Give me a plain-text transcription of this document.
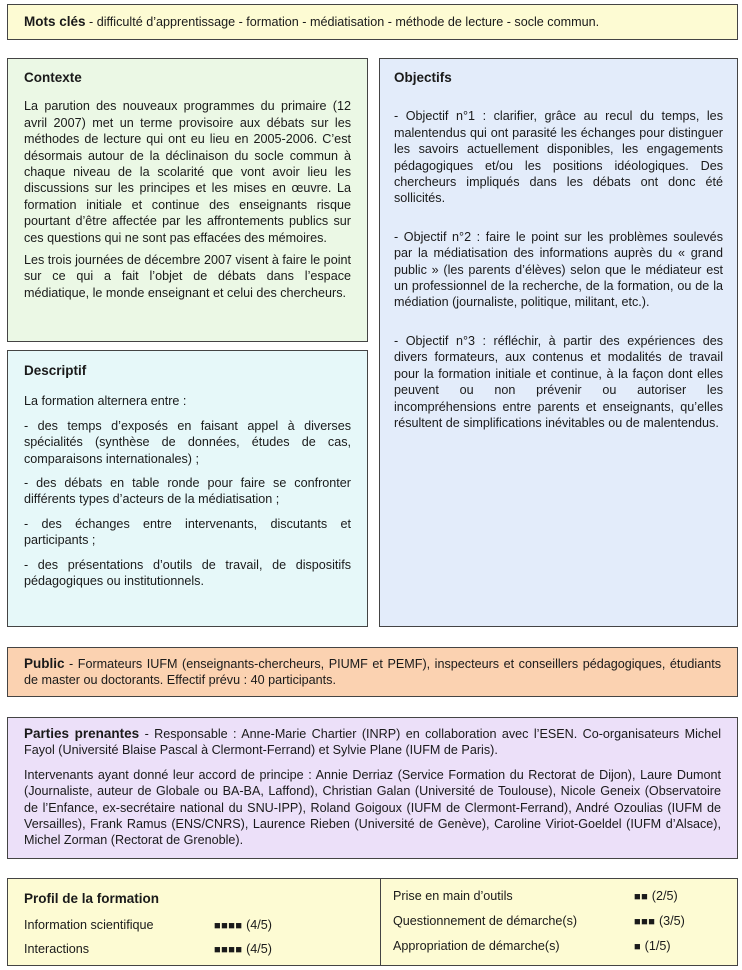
Mots clés - difficulté d’apprentissage - formation - médiatisation - méthode de lecture - socle commun.

Contexte

La parution des nouveaux programmes du primaire (12 avril 2007) met un terme provisoire aux débats sur les méthodes de lecture qui ont eu lieu en 2005-2006. C’est désormais autour de la déclinaison du socle commun à chaque niveau de la scolarité que vont avoir lieu les discussions sur les principes et les mises en œuvre. La formation initiale et continue des enseignants risque pourtant d’être affectée par les affrontements publics sur ces questions qui ne sont pas effacées des mémoires.

Les trois journées de décembre 2007 visent à faire le point sur ce qui a fait l’objet de débats dans l’espace médiatique, le monde enseignant et celui des chercheurs.

Descriptif

La formation alternera entre :

- des temps d’exposés en faisant appel à diverses spécialités (synthèse de données, études de cas, comparaisons internationales) ;

- des débats en table ronde pour faire se confronter différents types d’acteurs de la médiatisation ;

- des échanges entre intervenants, discutants et participants ;

- des présentations d’outils de travail, de dispositifs pédagogiques ou institutionnels.

Objectifs

- Objectif n°1 : clarifier, grâce au recul du temps, les malentendus qui ont parasité les échanges pour distinguer les savoirs actuellement disponibles, les engagements pédagogiques et/ou les positions idéologiques. Des chercheurs impliqués dans les débats ont donc été sollicités.

- Objectif n°2 : faire le point sur les problèmes soulevés par la médiatisation des informations auprès du « grand public » (les parents d’élèves) selon que le médiateur est un professionnel de la recherche, de la formation, ou de la médiation (journaliste, politique, militant, etc.).

- Objectif n°3 : réfléchir, à partir des expériences des divers formateurs, aux contenus et modalités de travail pour la formation initiale et continue, à la façon dont elles peuvent ou non prévenir ou autoriser les incompréhensions entre parents et enseignants, qu’elles résultent de simplifications inévitables ou de malentendus.

Public - Formateurs IUFM (enseignants-chercheurs, PIUMF et PEMF), inspecteurs et conseillers pédagogiques, étudiants de master ou doctorants. Effectif prévu : 40 participants.

Parties prenantes - Responsable : Anne-Marie Chartier (INRP) en collaboration avec l’ESEN. Co-organisateurs Michel Fayol (Université Blaise Pascal à Clermont-Ferrand) et Sylvie Plane (IUFM de Paris).

Intervenants ayant donné leur accord de principe : Annie Derriaz (Service Formation du Rectorat de Dijon), Laure Dumont (Journaliste, auteur de Globale ou BA-BA, Laffond), Christian Galan (Université de Toulouse), Nicole Geneix (Observatoire de l’Enfance, ex-secrétaire national du SNU-IPP), Roland Goigoux (IUFM de Clermont-Ferrand), André Ozoulias (IUFM de Versailles), Frank Ramus (ENS/CNRS), Laurence Rieben (Université de Genève), Caroline Viriot-Goeldel (IUFM d’Alsace), Michel Zorman (Rectorat de Grenoble).

Profil de la formation
Information scientifique	■■■■ (4/5)
Interactions	■■■■ (4/5)
Prise en main d’outils	■■ (2/5)
Questionnement de démarche(s)	■■■ (3/5)
Appropriation de démarche(s)	■ (1/5)
